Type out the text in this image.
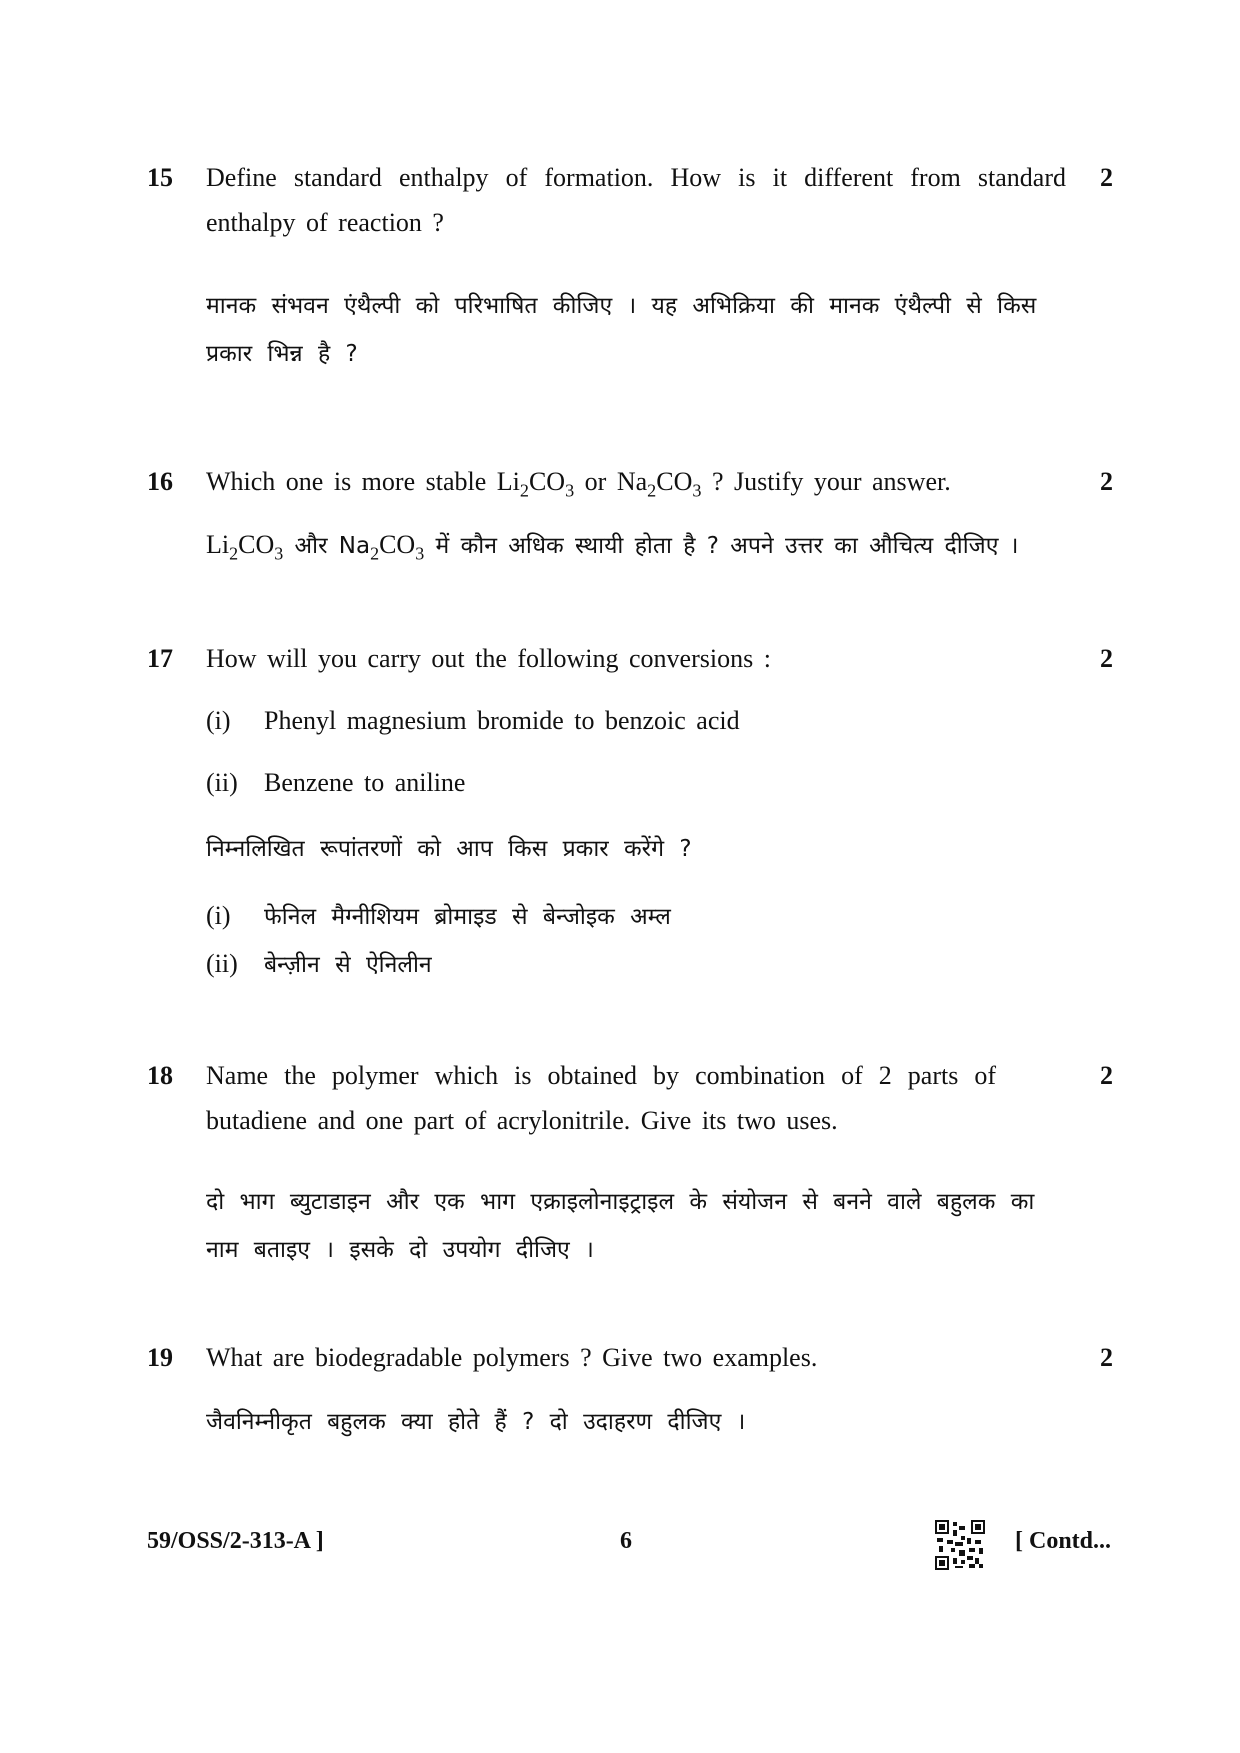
15	2
Define standard enthalpy of formation. How is it different from standard enthalpy of reaction ?
मानक संभवन एंथैल्पी को परिभाषित कीजिए । यह अभिक्रिया की मानक एंथैल्पी से किस प्रकार भिन्न है ?
16	2
Which one is more stable $Li_2CO_3$ or $Na_2CO_3$ ? Justify your answer.
$Li_2CO_3$ और $Na_2CO_3$ में कौन अधिक स्थायी होता है ? अपने उत्तर का औचित्य दीजिए ।
17	2
How will you carry out the following conversions :
(i) Phenyl magnesium bromide to benzoic acid
(ii) Benzene to aniline
निम्नलिखित रूपांतरणों को आप किस प्रकार करेंगे ?
(i) फेनिल मैग्नीशियम ब्रोमाइड से बेन्जोइक अम्ल
(ii) बेन्ज़ीन से ऐनिलीन
18	2
Name the polymer which is obtained by combination of 2 parts of butadiene and one part of acrylonitrile. Give its two uses.
दो भाग ब्युटाडाइन और एक भाग एक्राइलोनाइट्राइल के संयोजन से बनने वाले बहुलक का नाम बताइए । इसके दो उपयोग दीजिए ।
19	2
What are biodegradable polymers ? Give two examples.
जैवनिम्नीकृत बहुलक क्या होते हैं ? दो उदाहरण दीजिए ।
59/OSS/2-313-A ]	6	[ Contd...
